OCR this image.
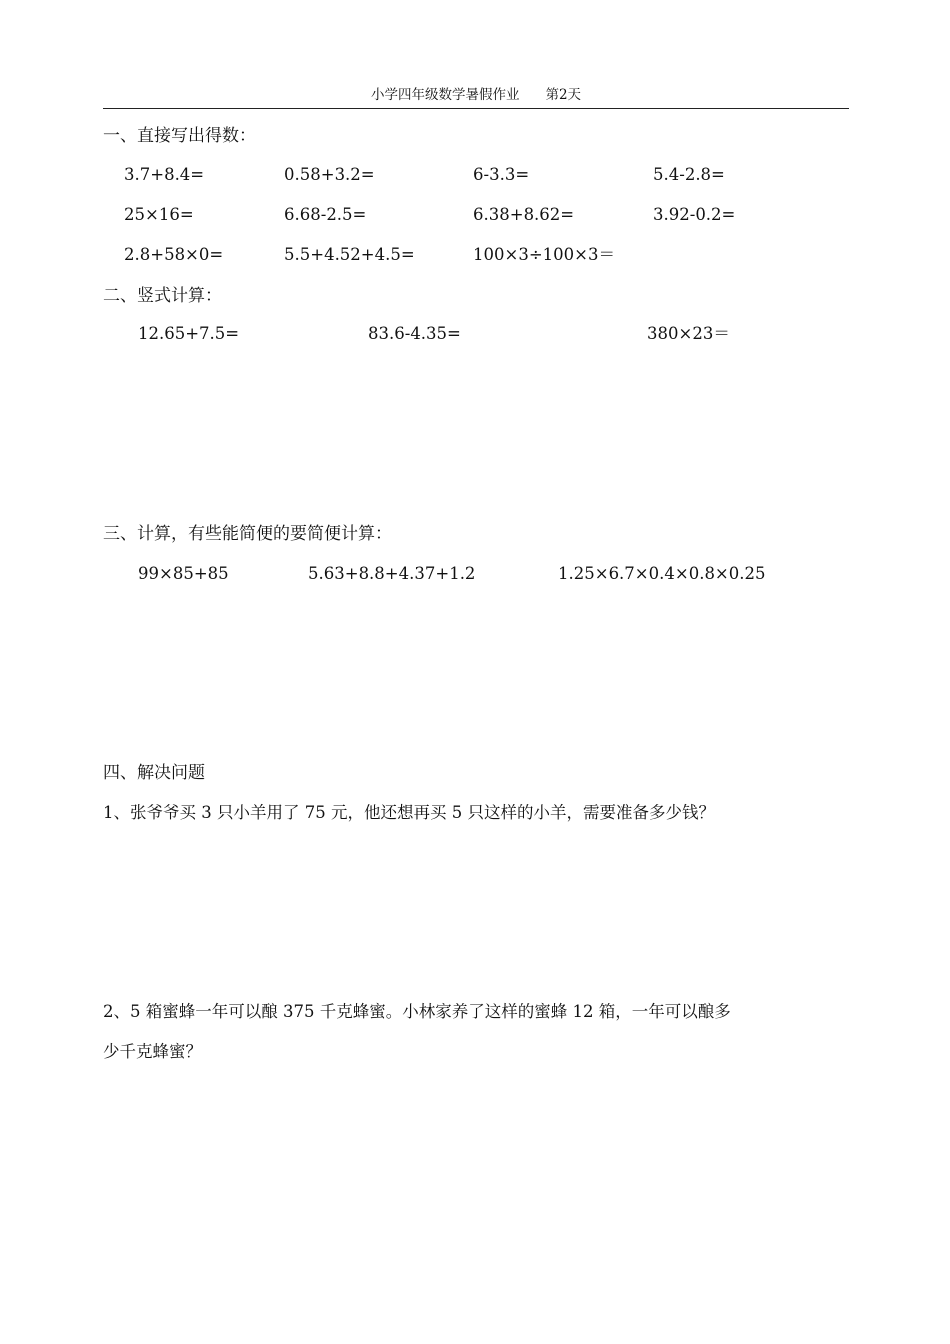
小学四年级数学暑假作业 第2天
一、直接写出得数：
3.7+8.4=	0.58+3.2=	6-3.3=	5.4-2.8=
25×16=	6.68-2.5=	6.38+8.62=	3.92-0.2=
2.8+58×0=	5.5+4.52+4.5=	100×3÷100×3＝
二、竖式计算：
12.65+7.5=	83.6-4.35=	380×23＝
三、计算，有些能简便的要简便计算：
99×85+85	5.63+8.8+4.37+1.2	1.25×6.7×0.4×0.8×0.25
四、解决问题
1、张爷爷买 3 只小羊用了 75 元，他还想再买 5 只这样的小羊，需要准备多少钱？
2、5 箱蜜蜂一年可以酿 375 千克蜂蜜。小林家养了这样的蜜蜂 12 箱，一年可以酿多
少千克蜂蜜？
